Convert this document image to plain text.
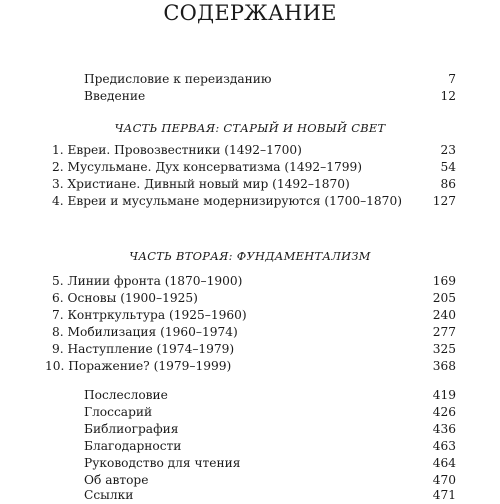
СОДЕРЖАНИЕ
Предисловие к переизданию	7
Введение	12
ЧАСТЬ ПЕРВАЯ: СТАРЫЙ И НОВЫЙ СВЕТ
1. Евреи. Провозвестники (1492–1700)	23
2. Мусульмане. Дух консерватизма (1492–1799)	54
3. Христиане. Дивный новый мир (1492–1870)	86
4. Евреи и мусульмане модернизируются (1700–1870)	127
ЧАСТЬ ВТОРАЯ: ФУНДАМЕНТАЛИЗМ
5. Линии фронта (1870–1900)	169
6. Основы (1900–1925)	205
7. Контркультура (1925–1960)	240
8. Мобилизация (1960–1974)	277
9. Наступление (1974–1979)	325
10. Поражение? (1979–1999)	368
Послесловие	419
Глоссарий	426
Библиография	436
Благодарности	463
Руководство для чтения	464
Об авторе	470
Ссылки	471
